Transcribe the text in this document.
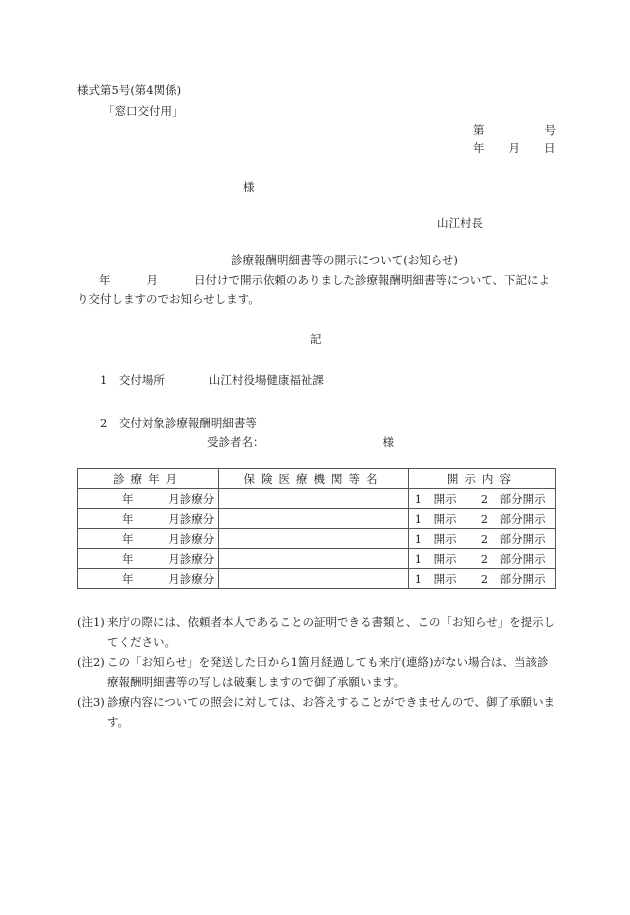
様式第5号(第4関係)
「窓口交付用」
第	号
年 月 日
様
山江村長
診療報酬明細書等の開示について(お知らせ)
年	月	日付けで開示依頼のありました診療報酬明細書等について、下記により交付しますのでお知らせします。
記
1　 交付場所	山江村役場健康福祉課
2　 交付対象診療報酬明細書等
受診者名：	様
診療年月	保険医療機関等名	開示内容

年 月診療分		1　開示 2　部分開示

年 月診療分		1　開示 2　部分開示

年 月診療分		1　開示 2　部分開示

年 月診療分		1　開示 2　部分開示

年 月診療分		1　開示 2　部分開示
(注1) 来庁の際には、依頼者本人であることの証明できる書類と、この「お知らせ」を提示してください。
(注2) この「お知らせ」を発送した日から1箇月経過しても来庁(連絡)がない場合は、当該診療報酬明細書等の写しは破棄しますので御了承願います。
(注3) 診療内容についての照会に対しては、お答えすることができませんので、御了承願います。
